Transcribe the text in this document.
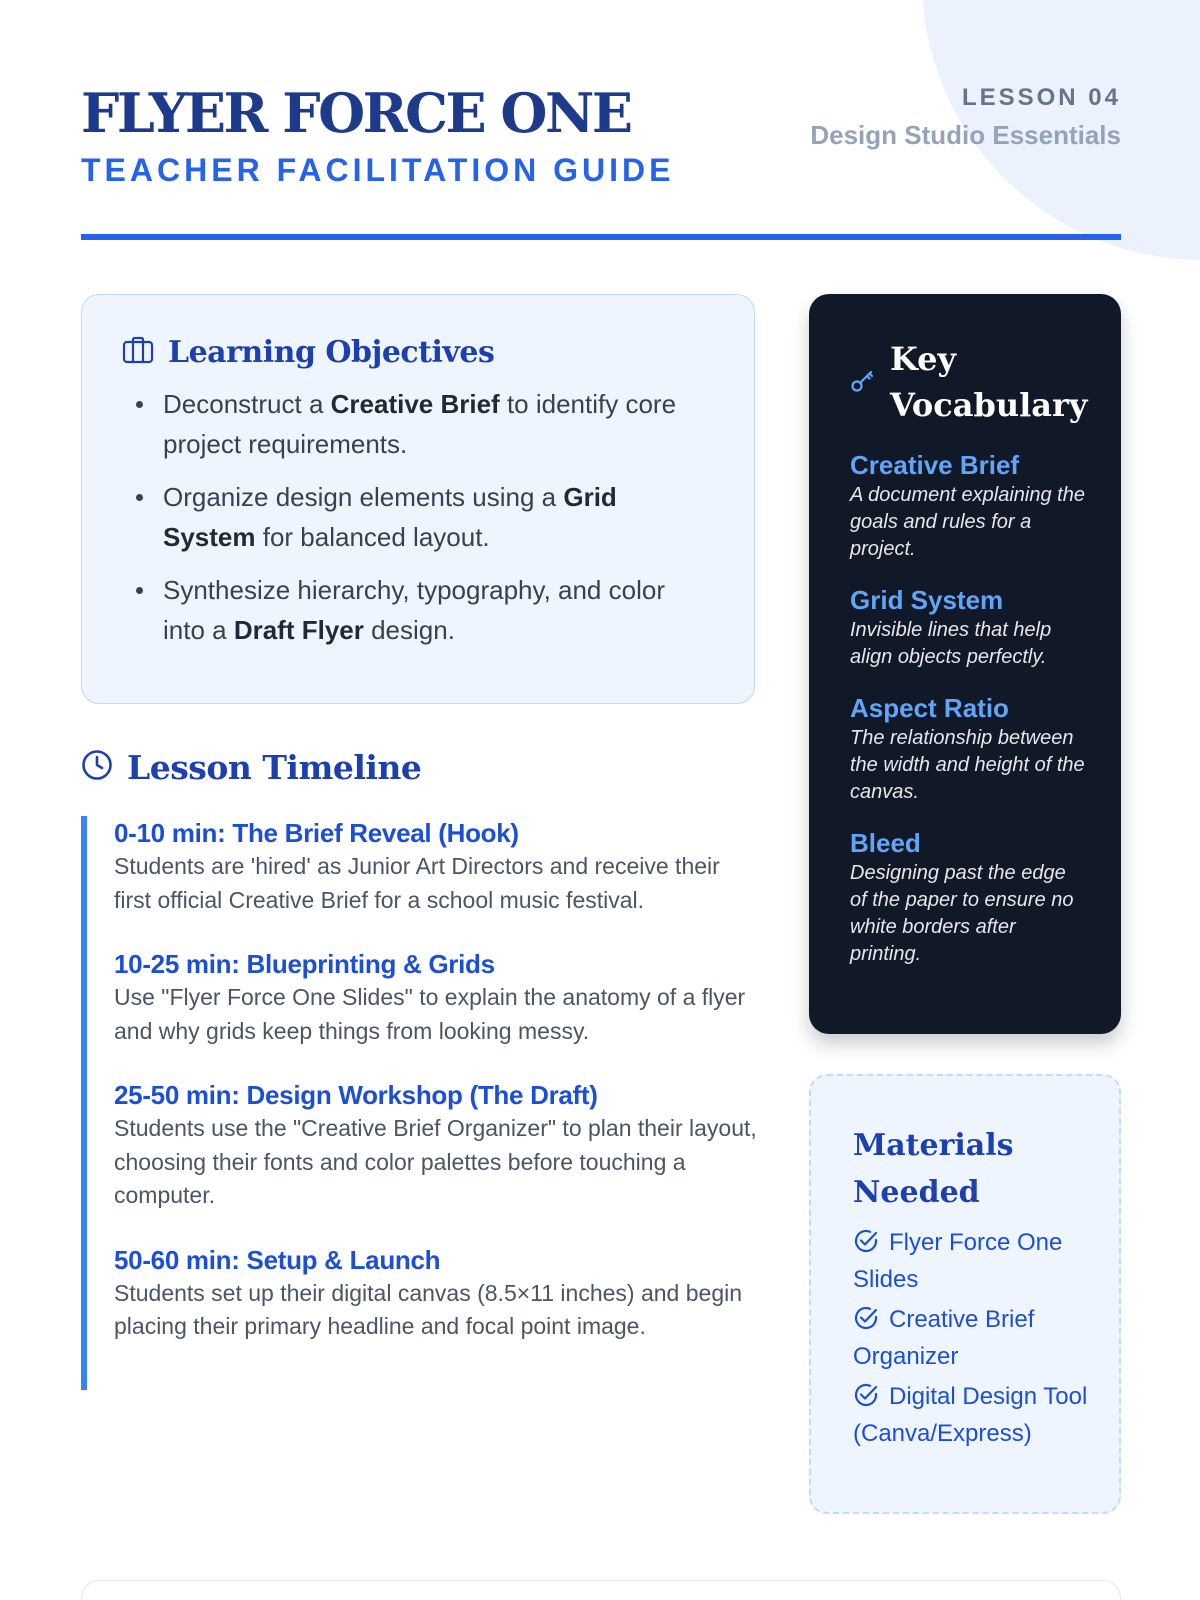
FLYER FORCE ONE
TEACHER FACILITATION GUIDE
LESSON 04
Design Studio Essentials
Learning Objectives
Deconstruct a Creative Brief to identify core project requirements.
Organize design elements using a Grid System for balanced layout.
Synthesize hierarchy, typography, and color into a Draft Flyer design.
Lesson Timeline
0-10 min: The Brief Reveal (Hook)
Students are 'hired' as Junior Art Directors and receive their first official Creative Brief for a school music festival.
10-25 min: Blueprinting & Grids
Use "Flyer Force One Slides" to explain the anatomy of a flyer and why grids keep things from looking messy.
25-50 min: Design Workshop (The Draft)
Students use the "Creative Brief Organizer" to plan their layout, choosing their fonts and color palettes before touching a computer.
50-60 min: Setup & Launch
Students set up their digital canvas (8.5×11 inches) and begin placing their primary headline and focal point image.
Key Vocabulary
Creative Brief
A document explaining the goals and rules for a project.
Grid System
Invisible lines that help align objects perfectly.
Aspect Ratio
The relationship between the width and height of the canvas.
Bleed
Designing past the edge of the paper to ensure no white borders after printing.
Materials Needed
Flyer Force One Slides
Creative Brief Organizer
Digital Design Tool (Canva/Express)
